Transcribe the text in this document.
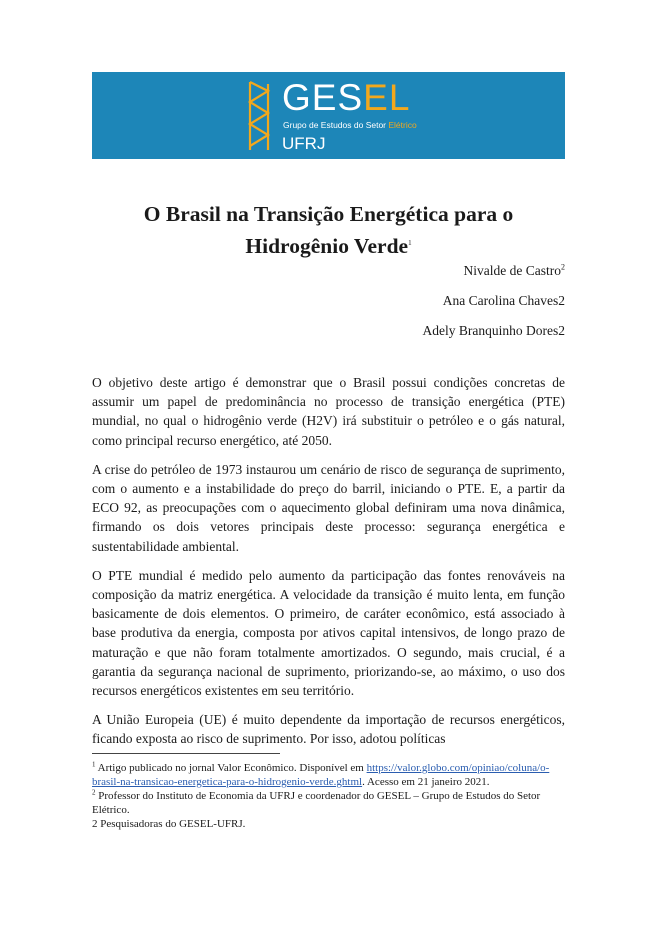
GESEL
Grupo de Estudos do Setor Elétrico
UFRJ
O Brasil na Transição Energética para o Hidrogênio Verde$^1$
Nivalde de Castro$^2$
Ana Carolina Chaves2
Adely Branquinho Dores2

O objetivo deste artigo é demonstrar que o Brasil possui condições concretas de assumir um papel de predominância no processo de transição energética (PTE) mundial, no qual o hidrogênio verde (H2V) irá substituir o petróleo e o gás natural, como principal recurso energético, até 2050.

A crise do petróleo de 1973 instaurou um cenário de risco de segurança de suprimento, com o aumento e a instabilidade do preço do barril, iniciando o PTE. E, a partir da ECO 92, as preocupações com o aquecimento global definiram uma nova dinâmica, firmando os dois vetores principais deste processo: segurança energética e sustentabilidade ambiental.

O PTE mundial é medido pelo aumento da participação das fontes renováveis na composição da matriz energética. A velocidade da transição é muito lenta, em função basicamente de dois elementos. O primeiro, de caráter econômico, está associado à base produtiva da energia, composta por ativos capital intensivos, de longo prazo de maturação e que não foram totalmente amortizados. O segundo, mais crucial, é a garantia da segurança nacional de suprimento, priorizando-se, ao máximo, o uso dos recursos energéticos existentes em seu território.

A União Europeia (UE) é muito dependente da importação de recursos energéticos, ficando exposta ao risco de suprimento. Por isso, adotou políticas

$^1$ Artigo publicado no jornal Valor Econômico. Disponível em https://valor.globo.com/opiniao/coluna/o-brasil-na-transicao-energetica-para-o-hidrogenio-verde.ghtml. Acesso em 21 janeiro 2021.

$^2$ Professor do Instituto de Economia da UFRJ e coordenador do GESEL – Grupo de Estudos do Setor Elétrico.

2 Pesquisadoras do GESEL-UFRJ.
